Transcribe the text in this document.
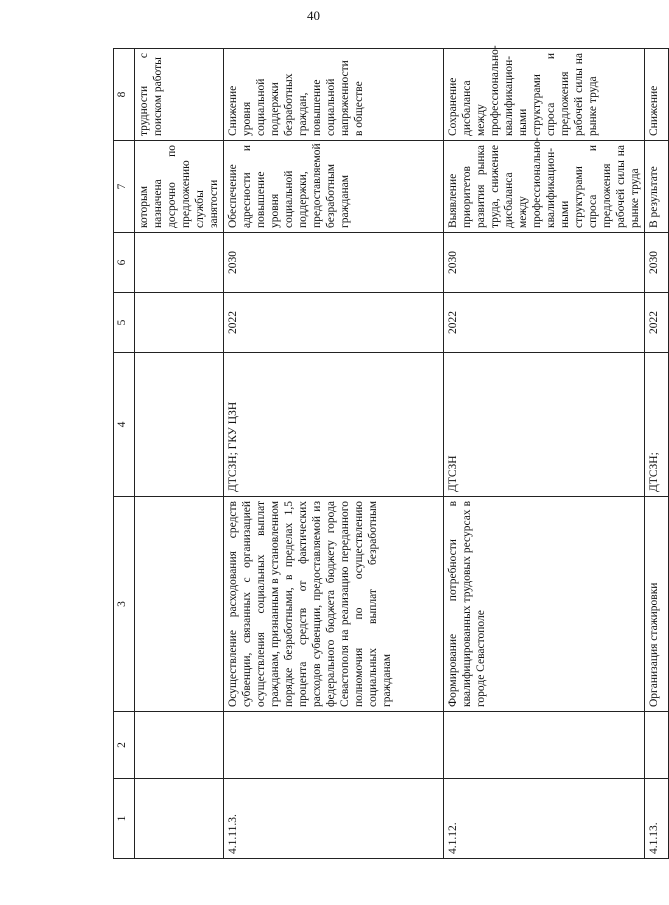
40
1	2	3	4	5	6	7	8
						которым назначена досрочно по предложению службы занятости	трудности с поиском работы
4.1.11.3.		Осуществление расходования средств субвенции, связанных с организацией осуществления социальных выплат гражданам, признанным в установленном порядке безработными, в пределах 1,5 процента средств от фактических расходов субвенции, предоставляемой из федерального бюджета бюджету города Севастополя на реализацию переданного полномочия по осуществлению социальных выплат безработным гражданам	ДТСЗН; ГКУ ЦЗН	2022	2030	Обеспечение адресности и повышение уровня социальной поддержки, предоставляемой безработным гражданам	Снижение уровня социальной поддержки безработных граждан, повышение социальной напряженности в обществе
4.1.12.		Формирование потребности в квалифицированных трудовых ресурсах в городе Севастополе	ДТСЗН	2022	2030	Выявление приоритетов развития рынка труда, снижение дисбаланса между профессионально-квалификацион-ными структурами спроса и предложения рабочей силы на рынке труда	Сохранение дисбаланса между профессионально-квалификацион-ными структурами спроса и предложения рабочей силы на рынке труда
4.1.13.		Организация стажировки	ДТСЗН;	2022	2030	В результате	Снижение
